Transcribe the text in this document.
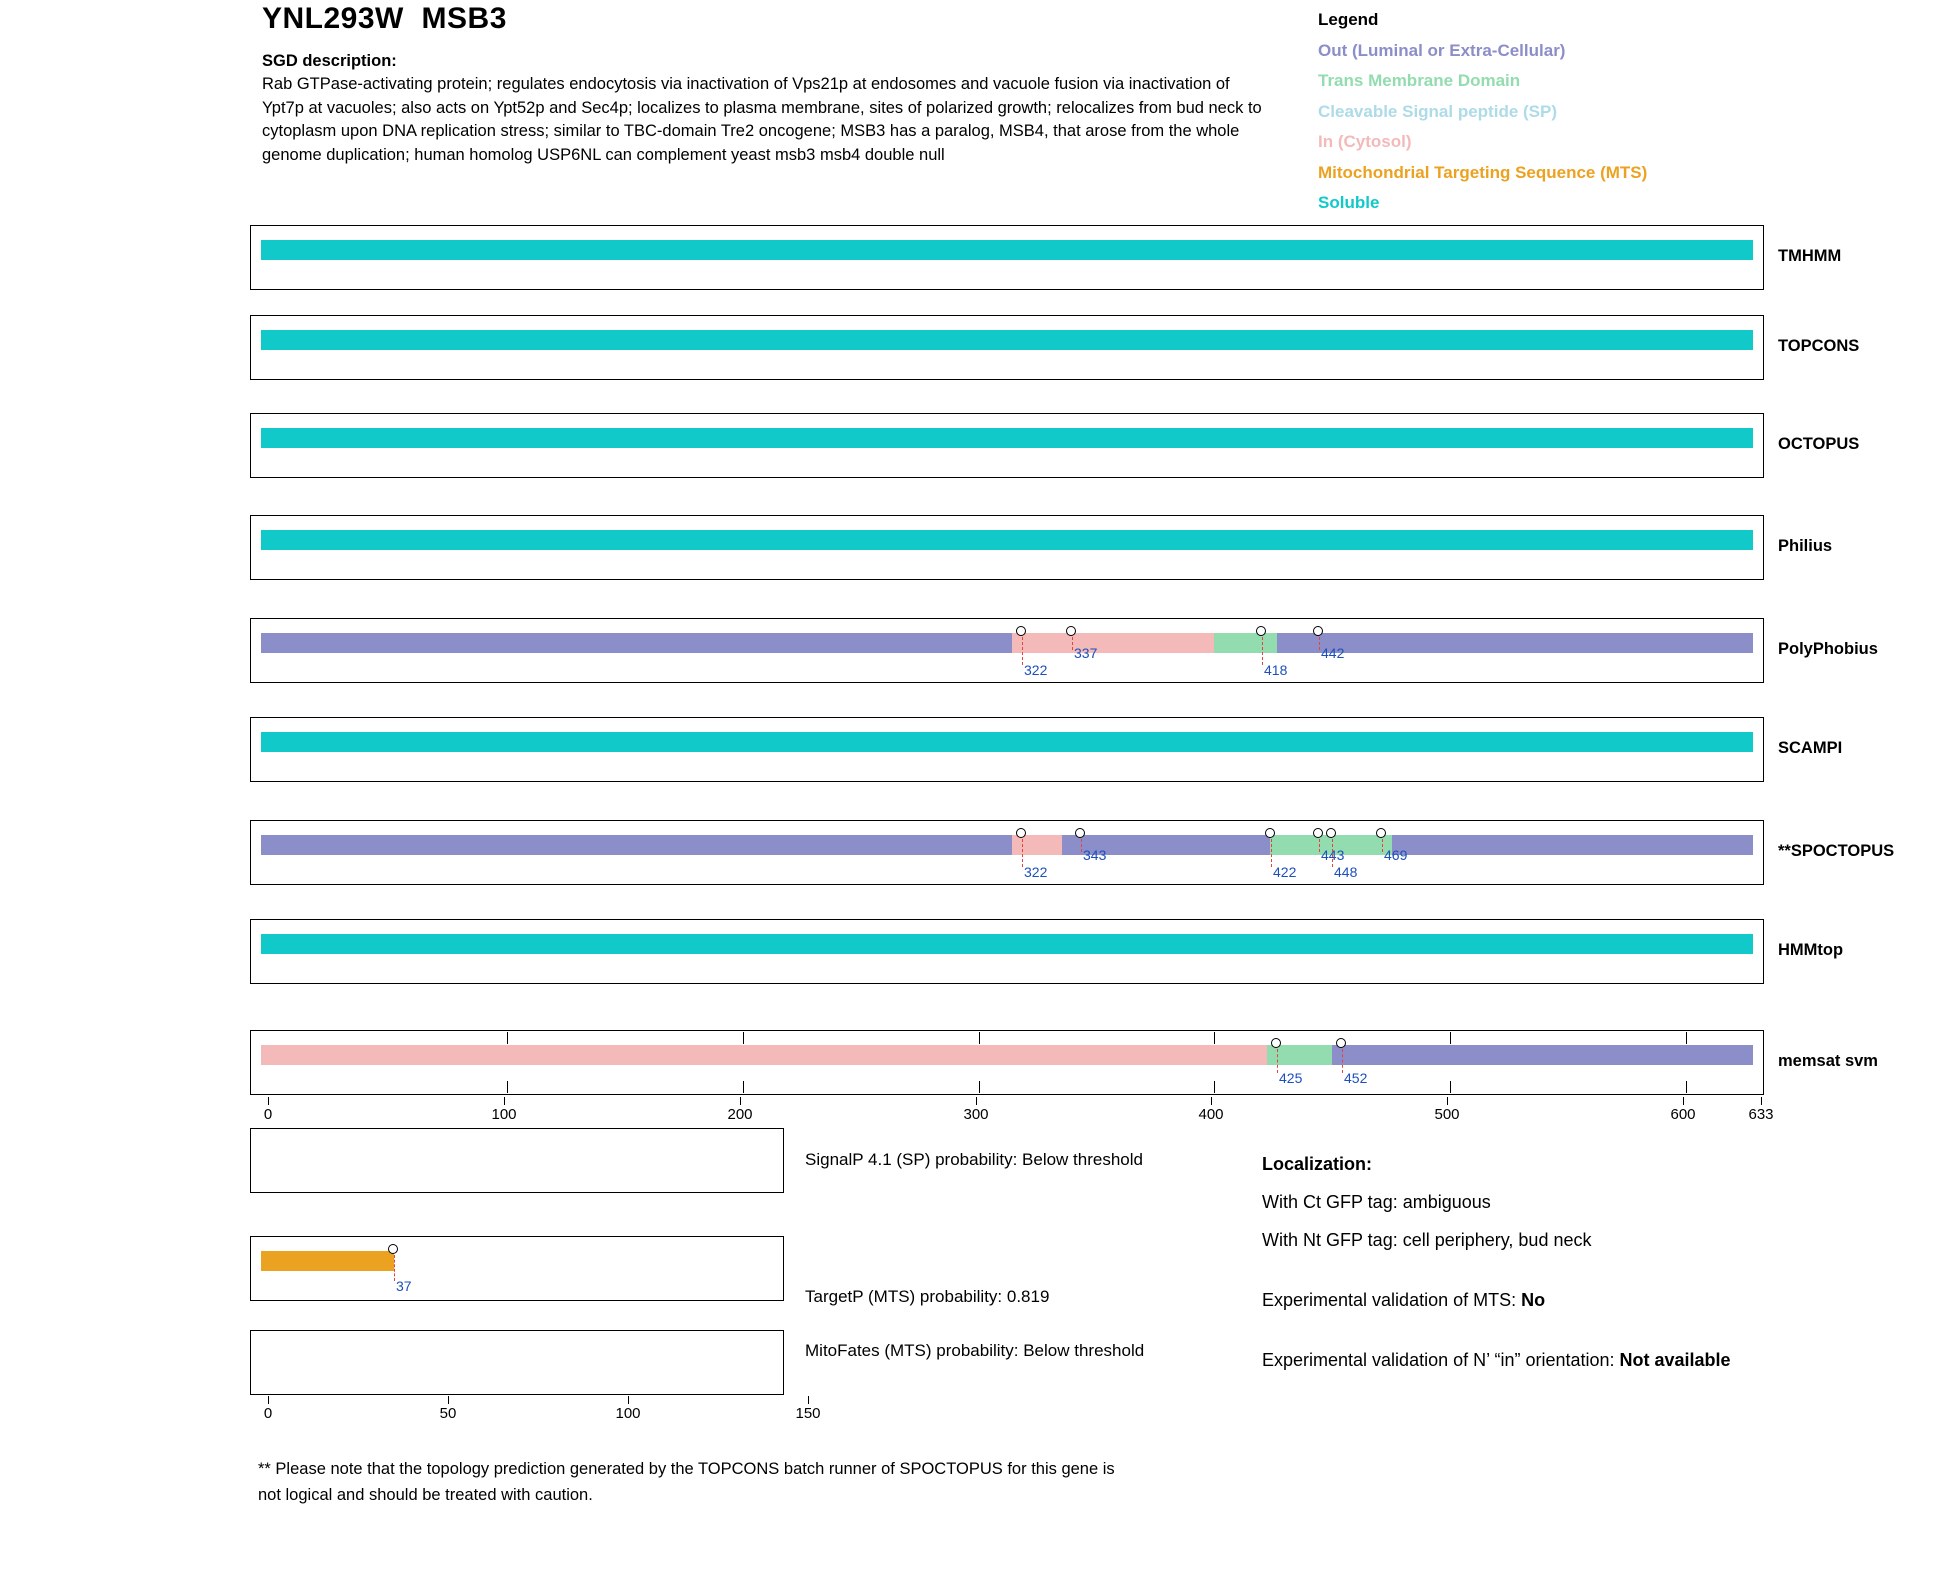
YNL293W  MSB3
SGD description:
Rab GTPase-activating protein; regulates endocytosis via inactivation of Vps21p at endosomes and vacuole fusion via inactivation of Ypt7p at vacuoles; also acts on Ypt52p and Sec4p; localizes to plasma membrane, sites of polarized growth; relocalizes from bud neck to cytoplasm upon DNA replication stress; similar to TBC-domain Tre2 oncogene; MSB3 has a paralog, MSB4, that arose from the whole genome duplication; human homolog USP6NL can complement yeast msb3 msb4 double null
Legend
Out (Luminal or Extra-Cellular)
Trans Membrane Domain
Cleavable Signal peptide (SP)
In (Cytosol)
Mitochondrial Targeting Sequence (MTS)
Soluble
TMHMM
TOPCONS
OCTOPUS
Philius
322
337
418
442	PolyPhobius
SCAMPI
322
343
422
443
448
469	**SPOCTOPUS
HMMtop
425	452
memsat svm
0	100	200	300	400	500	600	633
SignalP 4.1 (SP) probability: Below threshold
37
TargetP (MTS) probability: 0.819
MitoFates (MTS) probability: Below threshold
0	50	100	150
Localization:
With Ct GFP tag: ambiguous
With Nt GFP tag: cell periphery, bud neck
Experimental validation of MTS: No
Experimental validation of N’ “in” orientation: Not available
** Please note that the topology prediction generated by the TOPCONS batch runner of SPOCTOPUS for this gene is not logical and should be treated with caution.
